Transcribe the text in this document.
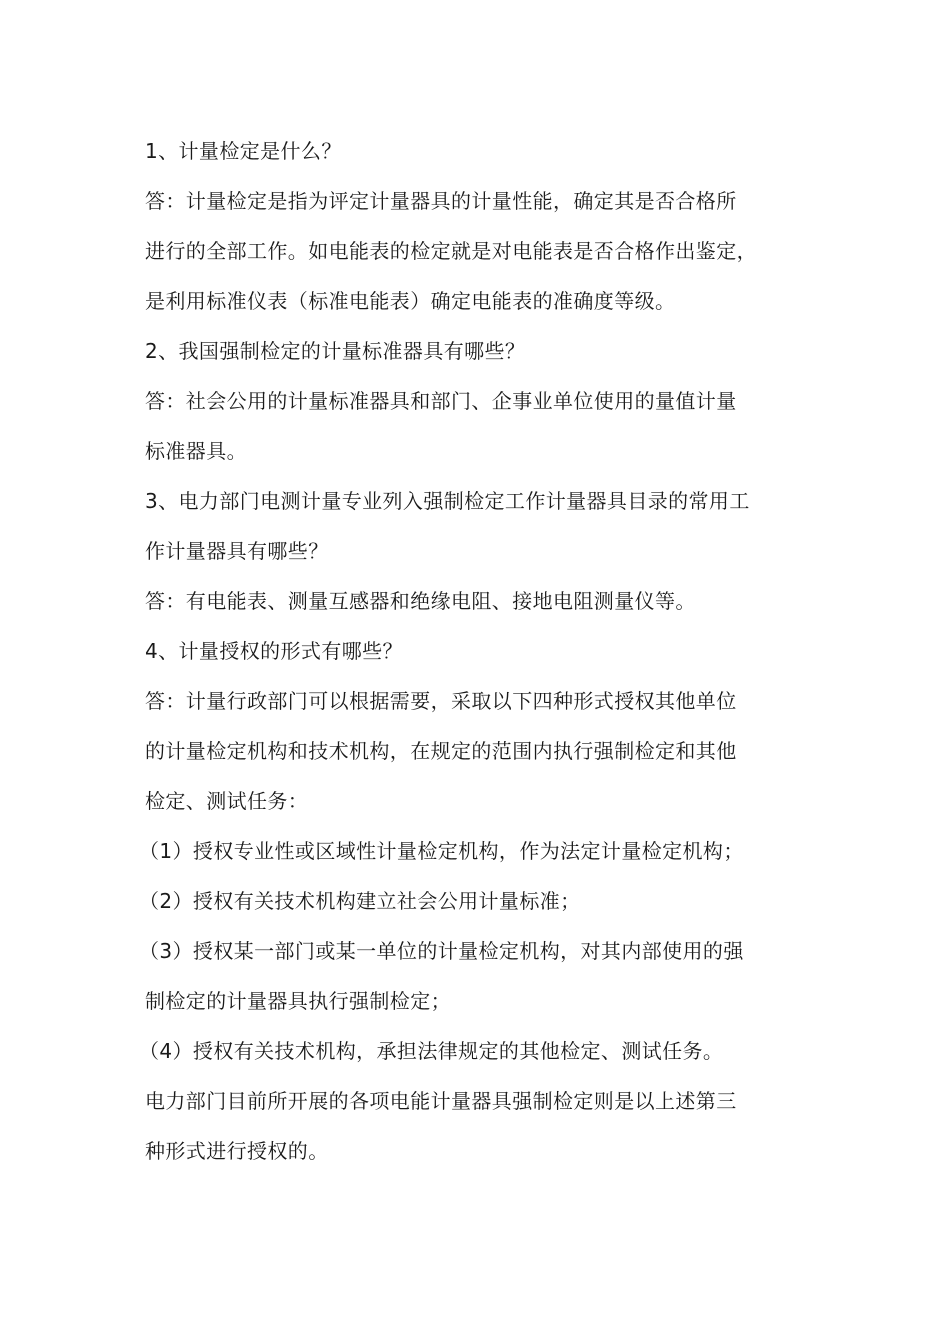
1、计量检定是什么？
答：计量检定是指为评定计量器具的计量性能，确定其是否合格所
进行的全部工作。如电能表的检定就是对电能表是否合格作出鉴定，
是利用标准仪表（标准电能表）确定电能表的准确度等级。
2、我国强制检定的计量标准器具有哪些？
答：社会公用的计量标准器具和部门、企事业单位使用的量值计量
标准器具。
3、电力部门电测计量专业列入强制检定工作计量器具目录的常用工
作计量器具有哪些？
答：有电能表、测量互感器和绝缘电阻、接地电阻测量仪等。
4、计量授权的形式有哪些？
答：计量行政部门可以根据需要，采取以下四种形式授权其他单位
的计量检定机构和技术机构，在规定的范围内执行强制检定和其他
检定、测试任务：
（1）授权专业性或区域性计量检定机构，作为法定计量检定机构；
（2）授权有关技术机构建立社会公用计量标准；
（3）授权某一部门或某一单位的计量检定机构，对其内部使用的强
制检定的计量器具执行强制检定；
（4）授权有关技术机构，承担法律规定的其他检定、测试任务。
电力部门目前所开展的各项电能计量器具强制检定则是以上述第三
种形式进行授权的。
